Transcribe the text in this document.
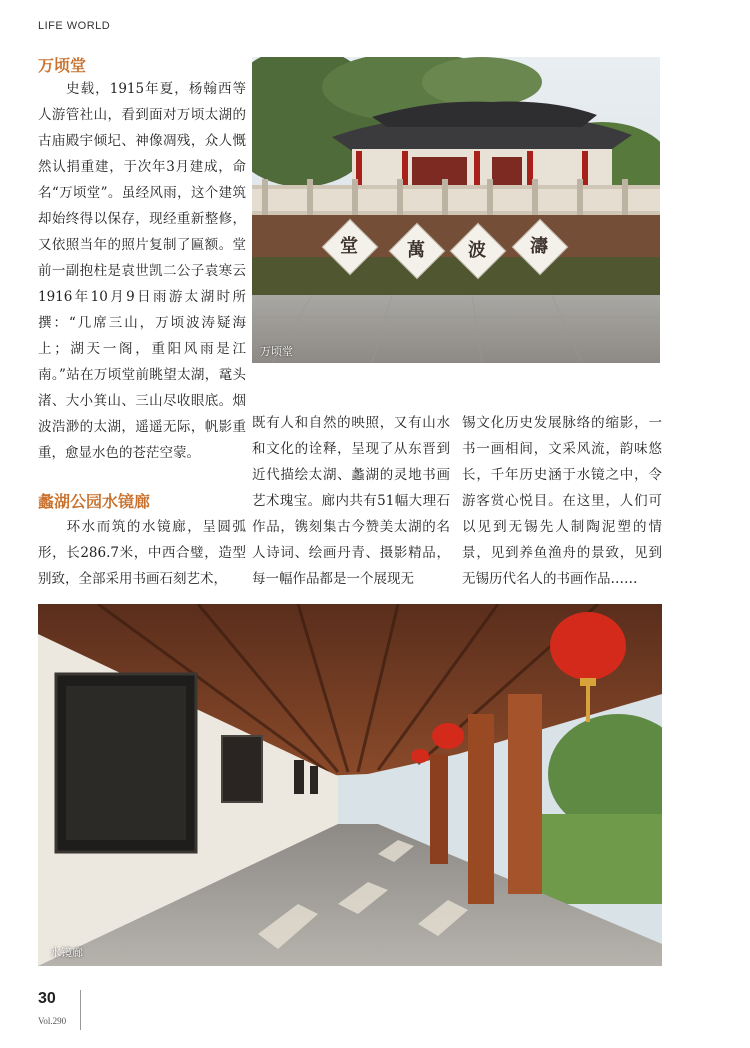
LIFE WORLD
万顷堂

史载，1915年夏，杨翰西等人游管社山，看到面对万顷太湖的古庙殿宇倾圮、神像凋残，众人慨然认捐重建，于次年3月建成，命名“万顷堂”。虽经风雨，这个建筑却始终得以保存，现经重新整修，又依照当年的照片复制了匾额。堂前一副抱柱是袁世凯二公子袁寒云1916年10月9日雨游太湖时所撰：“几席三山，万顷波涛疑海上；湖天一阁，重阳风雨是江南。”站在万顷堂前眺望太湖，鼋头渚、大小箕山、三山尽收眼底。烟波浩渺的太湖，遥遥无际，帆影重重，愈显水色的苍茫空蒙。

堂	萬	波	濤
万顷堂
蠡湖公园水镜廊

环水而筑的水镜廊，呈圆弧形，长286.7米，中西合璧，造型别致，全部采用书画石刻艺术，

既有人和自然的映照，又有山水和文化的诠释，呈现了从东晋到近代描绘太湖、蠡湖的灵地书画艺术瑰宝。廊内共有51幅大理石作品，镌刻集古今赞美太湖的名人诗词、绘画丹青、摄影精品，每一幅作品都是一个展现无

锡文化历史发展脉络的缩影，一书一画相间，文采风流，韵味悠长，千年历史涵于水镜之中，令游客赏心悦目。在这里，人们可以见到无锡先人制陶泥塑的情景，见到养鱼渔舟的景致，见到无锡历代名人的书画作品……

水镜廊
30
Vol.290
